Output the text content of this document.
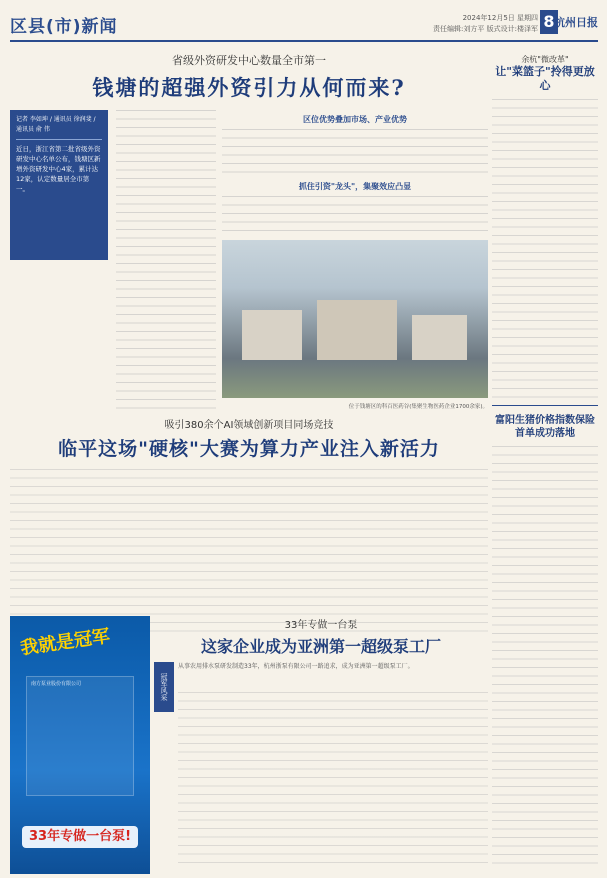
区县(市)新闻	2024年12月5日 星期四
责任编辑:刘方平 版式设计:楼泽军 8 杭州日报
省级外资研发中心数量全市第一
钱塘的超强外资引力从何而来?
记者 李如坤 / 通讯员 徐润斐 / 通讯员 俞 伟
近日，浙江省第二批省级外资研发中心名单公布，钱塘区新增外资研发中心4家，累计达12家，认定数量居全市第一。
区位优势叠加市场、产业优势
抓住引资"龙头"，集聚效应凸显
位于钱塘区的科百医药谷(集聚生物医药企业1700余家)。
吸引380余个AI领域创新项目同场竞技
临平这场"硬核"大赛为算力产业注入新活力
我就是冠军
南方泵业股份有限公司
33年专做一台泵!
33年专做一台泵
这家企业成为亚洲第一超级泵工厂
冠军风采
从事农用排水泵研发制造33年，杭州浙泵有限公司一路追求，成为亚洲第一超级泵工厂。
余杭"微改革"
让"菜篮子"拎得更放心
富阳生猪价格指数保险首单成功落地
